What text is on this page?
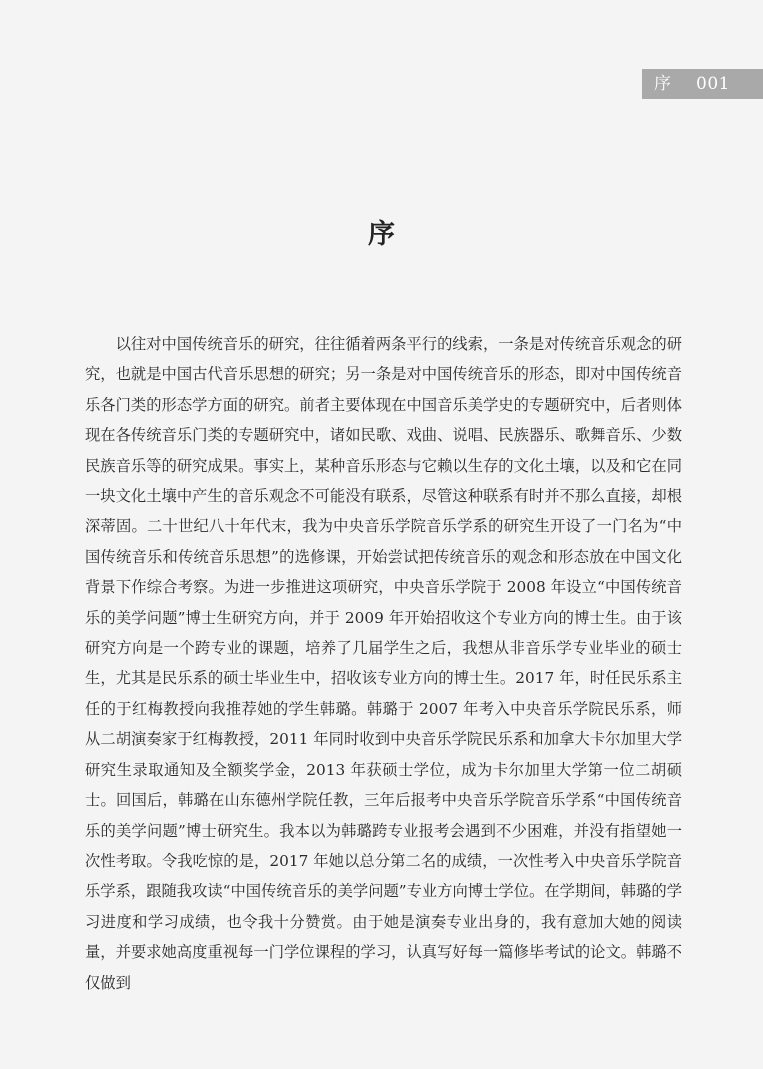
序 001
序
以往对中国传统音乐的研究，往往循着两条平行的线索，一条是对传统音乐观念的研究，也就是中国古代音乐思想的研究；另一条是对中国传统音乐的形态，即对中国传统音乐各门类的形态学方面的研究。前者主要体现在中国音乐美学史的专题研究中，后者则体现在各传统音乐门类的专题研究中，诸如民歌、戏曲、说唱、民族器乐、歌舞音乐、少数民族音乐等的研究成果。事实上，某种音乐形态与它赖以生存的文化土壤，以及和它在同一块文化土壤中产生的音乐观念不可能没有联系，尽管这种联系有时并不那么直接，却根深蒂固。二十世纪八十年代末，我为中央音乐学院音乐学系的研究生开设了一门名为“中国传统音乐和传统音乐思想”的选修课，开始尝试把传统音乐的观念和形态放在中国文化背景下作综合考察。为进一步推进这项研究，中央音乐学院于 2008 年设立“中国传统音乐的美学问题”博士生研究方向，并于 2009 年开始招收这个专业方向的博士生。由于该研究方向是一个跨专业的课题，培养了几届学生之后，我想从非音乐学专业毕业的硕士生，尤其是民乐系的硕士毕业生中，招收该专业方向的博士生。2017 年，时任民乐系主任的于红梅教授向我推荐她的学生韩璐。韩璐于 2007 年考入中央音乐学院民乐系，师从二胡演奏家于红梅教授，2011 年同时收到中央音乐学院民乐系和加拿大卡尔加里大学研究生录取通知及全额奖学金，2013 年获硕士学位，成为卡尔加里大学第一位二胡硕士。回国后，韩璐在山东德州学院任教，三年后报考中央音乐学院音乐学系“中国传统音乐的美学问题”博士研究生。我本以为韩璐跨专业报考会遇到不少困难，并没有指望她一次性考取。令我吃惊的是，2017 年她以总分第二名的成绩，一次性考入中央音乐学院音乐学系，跟随我攻读“中国传统音乐的美学问题”专业方向博士学位。在学期间，韩璐的学习进度和学习成绩，也令我十分赞赏。由于她是演奏专业出身的，我有意加大她的阅读量，并要求她高度重视每一门学位课程的学习，认真写好每一篇修毕考试的论文。韩璐不仅做到
